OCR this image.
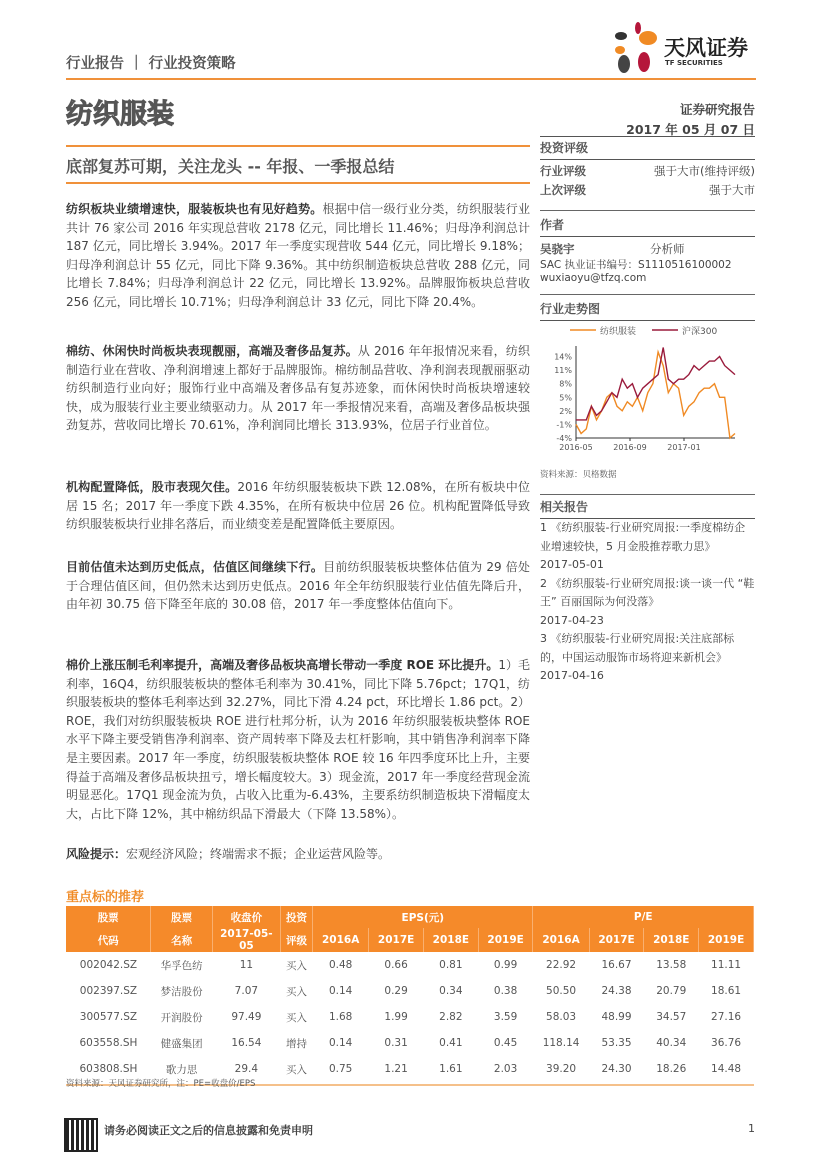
天风证券
TF SECURITIES
行业报告 ｜ 行业投资策略
纺织服装	证券研究报告
2017 年 05 月 07 日
底部复苏可期，关注龙头 -- 年报、一季报总结
纺织板块业绩增速快，服装板块也有见好趋势。根据中信一级行业分类，纺织服装行业共计 76 家公司 2016 年实现总营收 2178 亿元，同比增长 11.46%；归母净利润总计 187 亿元，同比增长 3.94%。2017 年一季度实现营收 544 亿元，同比增长 9.18%；归母净利润总计 55 亿元，同比下降 9.36%。其中纺织制造板块总营收 288 亿元，同比增长 7.84%；归母净利润总计 22 亿元，同比增长 13.92%。品牌服饰板块总营收 256 亿元，同比增长 10.71%；归母净利润总计 33 亿元，同比下降 20.4%。
棉纺、休闲快时尚板块表现靓丽，高端及奢侈品复苏。从 2016 年年报情况来看，纺织制造行业在营收、净利润增速上都好于品牌服饰。棉纺制品营收、净利润表现靓丽驱动纺织制造行业向好；服饰行业中高端及奢侈品有复苏迹象，而休闲快时尚板块增速较快，成为服装行业主要业绩驱动力。从 2017 年一季报情况来看，高端及奢侈品板块强劲复苏，营收同比增长 70.61%，净利润同比增长 313.93%，位居子行业首位。
机构配置降低，股市表现欠佳。2016 年纺织服装板块下跌 12.08%，在所有板块中位居 15 名；2017 年一季度下跌 4.35%，在所有板块中位居 26 位。机构配置降低导致纺织服装板块行业排名落后，而业绩变差是配置降低主要原因。
目前估值未达到历史低点，估值区间继续下行。目前纺织服装板块整体估值为 29 倍处于合理估值区间，但仍然未达到历史低点。2016 年全年纺织服装行业估值先降后升，由年初 30.75 倍下降至年底的 30.08 倍，2017 年一季度整体估值向下。
棉价上涨压制毛利率提升，高端及奢侈品板块高增长带动一季度 ROE 环比提升。1）毛利率，16Q4，纺织服装板块的整体毛利率为 30.41%，同比下降 5.76pct；17Q1，纺织服装板块的整体毛利率达到 32.27%，同比下滑 4.24 pct，环比增长 1.86 pct。2）ROE，我们对纺织服装板块 ROE 进行杜邦分析，认为 2016 年纺织服装板块整体 ROE 水平下降主要受销售净利润率、资产周转率下降及去杠杆影响，其中销售净利润率下降是主要因素。2017 年一季度，纺织服装板块整体 ROE 较 16 年四季度环比上升，主要得益于高端及奢侈品板块扭亏，增长幅度较大。3）现金流，2017 年一季度经营现金流明显恶化。17Q1 现金流为负，占收入比重为-6.43%，主要系纺织制造板块下滑幅度太大，占比下降 12%，其中棉纺织品下滑最大（下降 13.58%）。
风险提示：宏观经济风险；终端需求不振；企业运营风险等。
投资评级
行业评级	强于大市(维持评级)
上次评级	强于大市
作者
吴骁宇	分析师
SAC 执业证书编号：S1110516100002
wuxiaoyu@tfzq.com
行业走势图
纺织服装	沪深300
14%
11%
8%
5%
2%
-1%
-4%
2016-05	2016-09	2017-01
资料来源：贝格数据
相关报告
1 《纺织服装-行业研究周报:一季度棉纺企业增速较快，5 月金股推荐歌力思》
2017-05-01
2 《纺织服装-行业研究周报:谈一谈一代 “鞋王” 百丽国际为何没落》
2017-04-23
3 《纺织服装-行业研究周报:关注底部标的，中国运动服饰市场将迎来新机会》 2017-04-16
重点标的推荐
股票	股票	收盘价	投资	EPS(元)				P/E			
代码	名称	2017-05-05	评级	2016A	2017E	2018E	2019E	2016A	2017E	2018E	2019E
002042.SZ	华孚色纺	11	买入	0.48	0.66	0.81	0.99	22.92	16.67	13.58	11.11
002397.SZ	梦洁股份	7.07	买入	0.14	0.29	0.34	0.38	50.50	24.38	20.79	18.61
300577.SZ	开润股份	97.49	买入	1.68	1.99	2.82	3.59	58.03	48.99	34.57	27.16
603558.SH	健盛集团	16.54	增持	0.14	0.31	0.41	0.45	118.14	53.35	40.34	36.76
603808.SH	歌力思	29.4	买入	0.75	1.21	1.61	2.03	39.20	24.30	18.26	14.48
资料来源：天风证券研究所，注：PE=收盘价/EPS
请务必阅读正文之后的信息披露和免责申明	1
